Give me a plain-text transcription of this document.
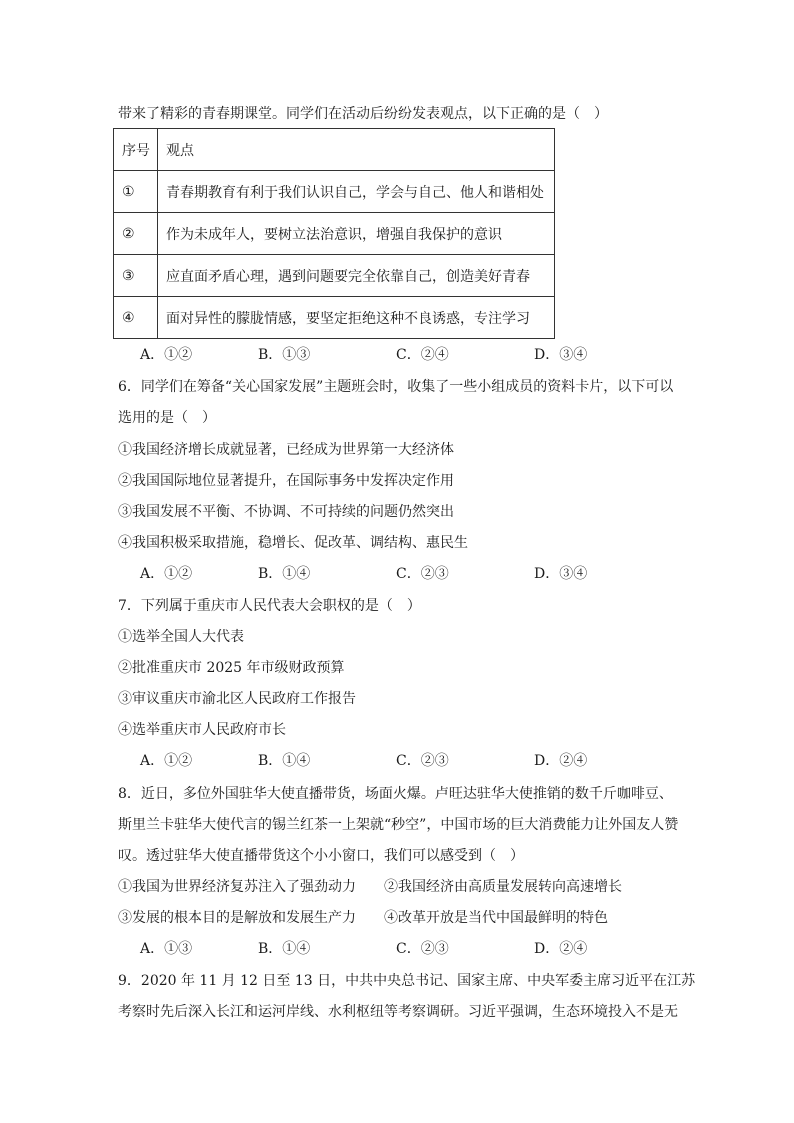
带来了精彩的青春期课堂。同学们在活动后纷纷发表观点，以下正确的是（　）
序号	观点
①	青春期教育有利于我们认识自己，学会与自己、他人和谐相处
②	作为未成年人，要树立法治意识，增强自我保护的意识
③	应直面矛盾心理，遇到问题要完全依靠自己，创造美好青春
④	面对异性的朦胧情感，要坚定拒绝这种不良诱惑，专注学习
A．①②	B．①③	C．②④	D．③④
6．同学们在筹备“关心国家发展”主题班会时，收集了一些小组成员的资料卡片，以下可以
选用的是（　）
①我国经济增长成就显著，已经成为世界第一大经济体
②我国国际地位显著提升，在国际事务中发挥决定作用
③我国发展不平衡、不协调、不可持续的问题仍然突出
④我国积极采取措施，稳增长、促改革、调结构、惠民生
A．①②	B．①④	C．②③	D．③④
7．下列属于重庆市人民代表大会职权的是（　）
①选举全国人大代表
②批准重庆市 2025 年市级财政预算
③审议重庆市渝北区人民政府工作报告
④选举重庆市人民政府市长
A．①②	B．①④	C．②③	D．②④
8．近日，多位外国驻华大使直播带货，场面火爆。卢旺达驻华大使推销的数千斤咖啡豆、
斯里兰卡驻华大使代言的锡兰红茶一上架就“秒空”，中国市场的巨大消费能力让外国友人赞
叹。透过驻华大使直播带货这个小小窗口，我们可以感受到（　）
①我国为世界经济复苏注入了强劲动力　　②我国经济由高质量发展转向高速增长
③发展的根本目的是解放和发展生产力　　④改革开放是当代中国最鲜明的特色
A．①③	B．①④	C．②③	D．②④
9．2020 年 11 月 12 日至 13 日，中共中央总书记、国家主席、中央军委主席习近平在江苏
考察时先后深入长江和运河岸线、水利枢纽等考察调研。习近平强调，生态环境投入不是无
